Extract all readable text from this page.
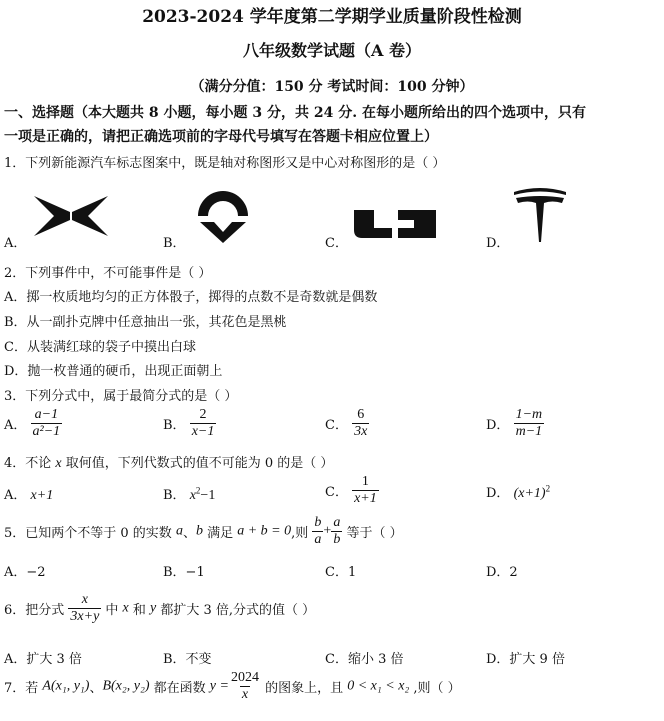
2023-2024 学年度第二学期学业质量阶段性检测
八年级数学试题（A 卷）
（满分分值：150 分 考试时间：100 分钟）
一、选择题（本大题共 8 小题，每小题 3 分，共 24 分. 在每小题所给出的四个选项中，只有
一项是正确的，请把正确选项前的字母代号填写在答题卡相应位置上）
1．下列新能源汽车标志图案中，既是轴对称图形又是中心对称图形的是（ ）
A．	B．	C．	D．
2．下列事件中，不可能事件是（ ）
A．掷一枚质地均匀的正方体骰子，掷得的点数不是奇数就是偶数
B．从一副扑克牌中任意抽出一张，其花色是黑桃
C．从装满红球的袋子中摸出白球
D．抛一枚普通的硬币，出现正面朝上
3．下列分式中，属于最简分式的是（ ）
A． $\frac{a-1}{\text{a²−1}}$	B． $\frac{2}{x-1}$	C． $\frac{6}{3x}$	D． $\frac{1-m}{m-1}$
4．不论 x 取何值，下列代数式的值不可能为 0 的是（ ）
A． x+1	B． $x^2-1$	C． $\frac{1}{x+1}$	D． $(x+1)^2$
5．已知两个不等于 0 的实数 a、b 满足 a + b = 0,则 $\frac{b}{a} + \frac{a}{b}$ 等于（ ）
A．−2	B．−1	C．1	D．2
6．把分式 $\frac{x}{3x+y}$ 中 x 和 y 都扩大 3 倍,分式的值（ ）
A．扩大 3 倍	B．不变	C．缩小 3 倍	D．扩大 9 倍
7．若 A(x₁, y₁)、B(x₂, y₂) 都在函数 $y = \frac{2024}{x}$ 的图象上，且 0 < x₁ < x₂ ,则（ ）
